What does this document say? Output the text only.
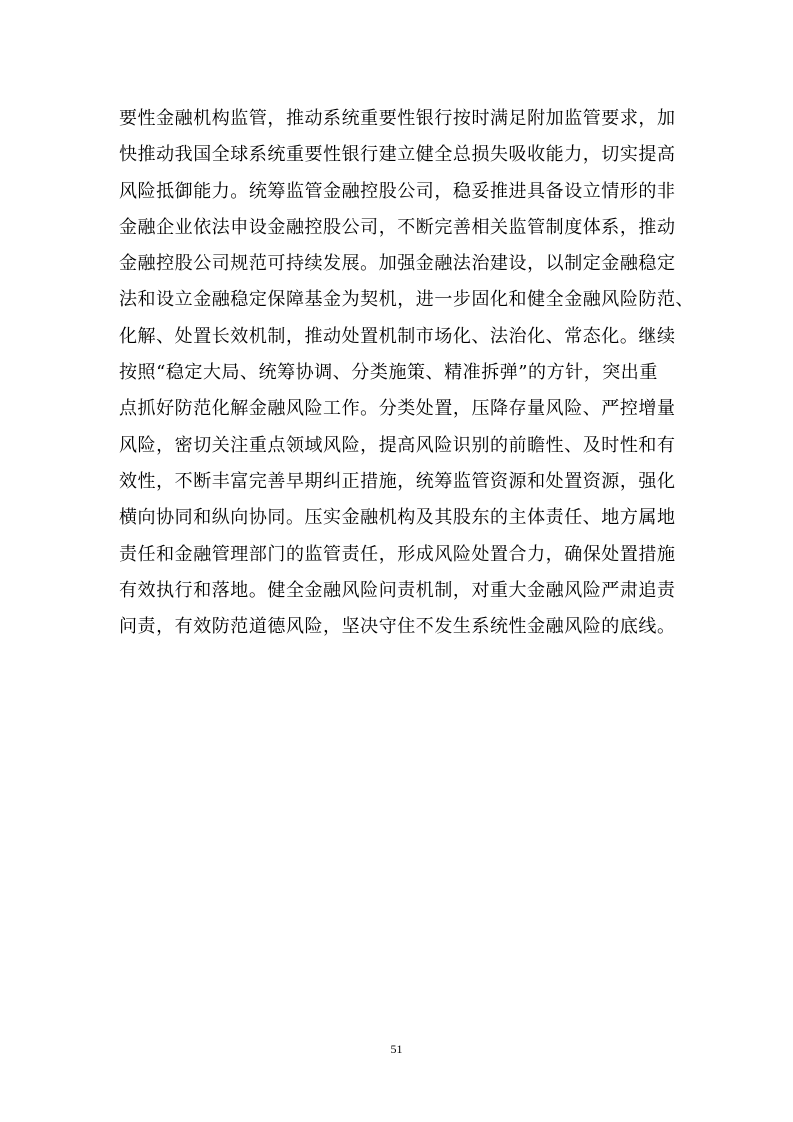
要性金融机构监管，推动系统重要性银行按时满足附加监管要求，加
快推动我国全球系统重要性银行建立健全总损失吸收能力，切实提高
风险抵御能力。统筹监管金融控股公司，稳妥推进具备设立情形的非
金融企业依法申设金融控股公司，不断完善相关监管制度体系，推动
金融控股公司规范可持续发展。加强金融法治建设，以制定金融稳定
法和设立金融稳定保障基金为契机，进一步固化和健全金融风险防范、
化解、处置长效机制，推动处置机制市场化、法治化、常态化。继续
按照“稳定大局、统筹协调、分类施策、精准拆弹”的方针，突出重
点抓好防范化解金融风险工作。分类处置，压降存量风险、严控增量
风险，密切关注重点领域风险，提高风险识别的前瞻性、及时性和有
效性，不断丰富完善早期纠正措施，统筹监管资源和处置资源，强化
横向协同和纵向协同。压实金融机构及其股东的主体责任、地方属地
责任和金融管理部门的监管责任，形成风险处置合力，确保处置措施
有效执行和落地。健全金融风险问责机制，对重大金融风险严肃追责
问责，有效防范道德风险，坚决守住不发生系统性金融风险的底线。
51
